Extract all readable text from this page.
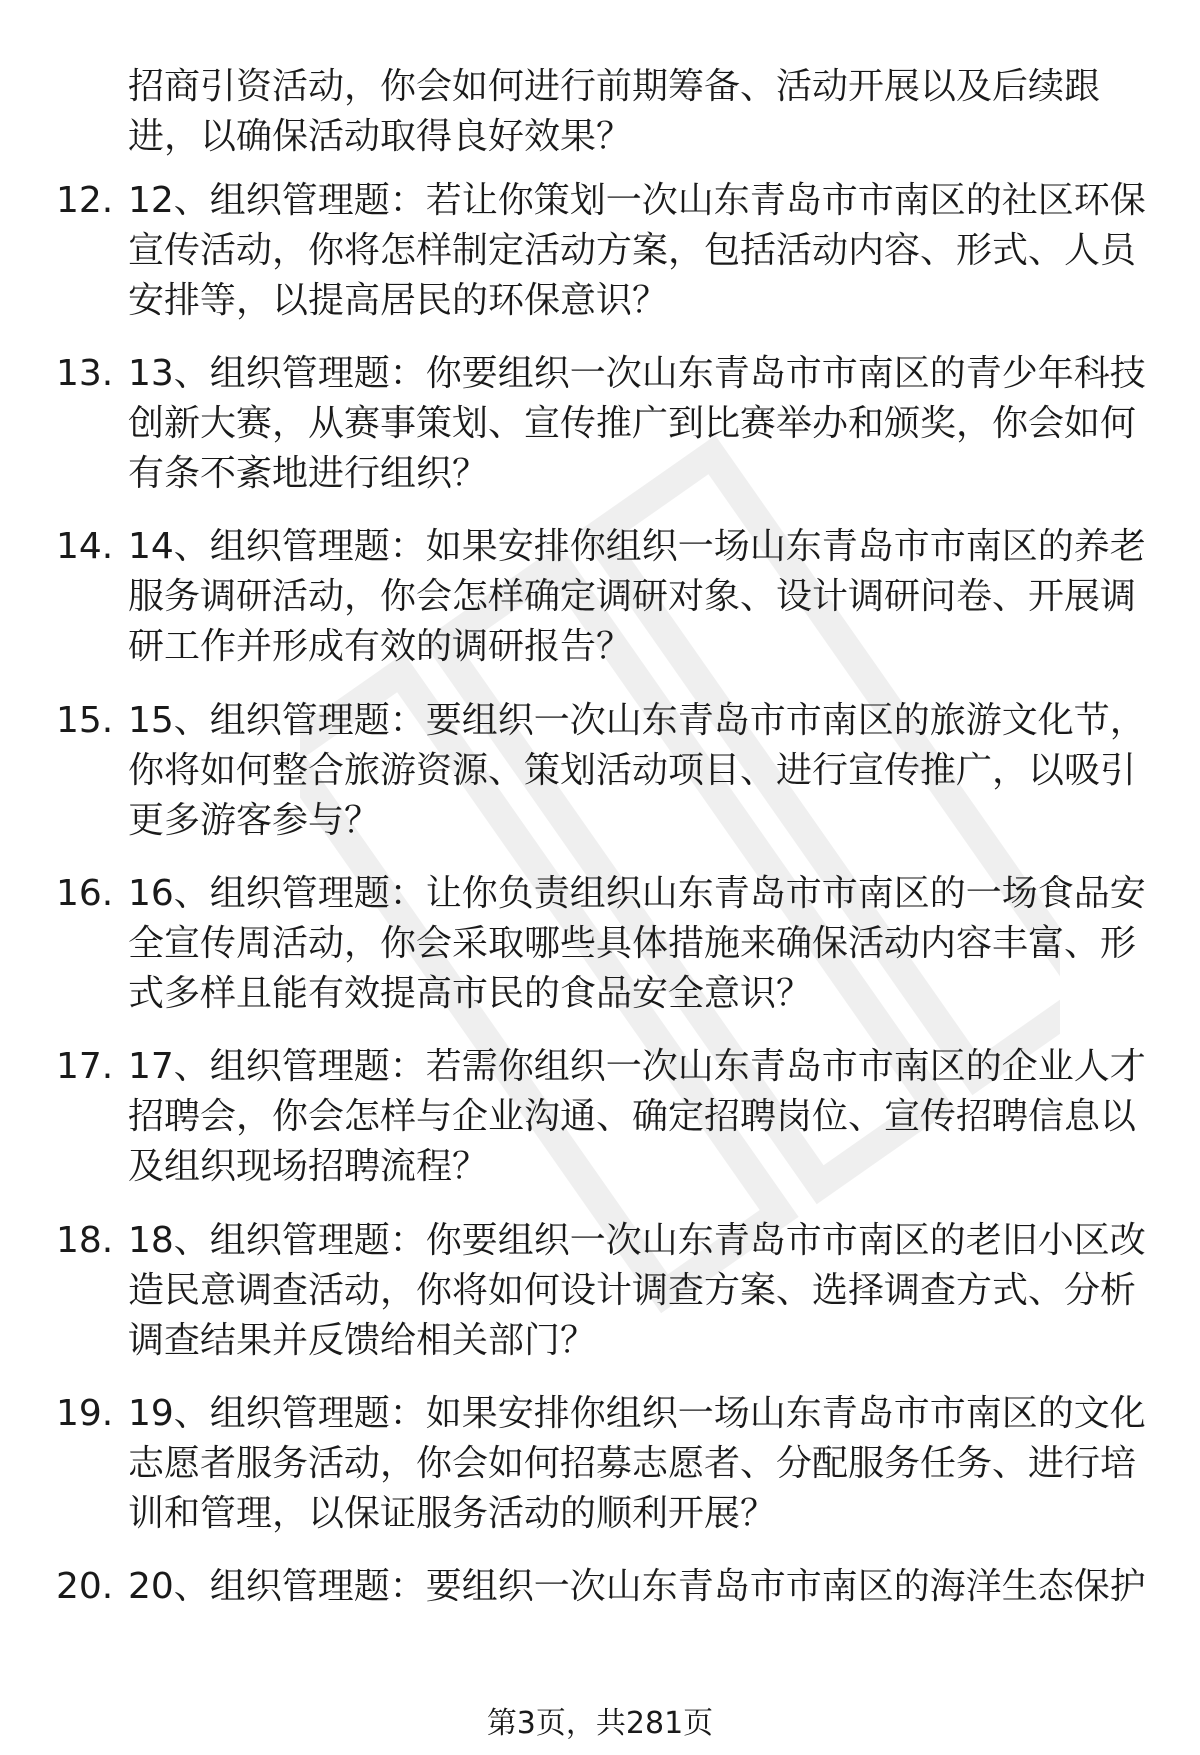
招商引资活动，你会如何进行前期筹备、活动开展以及后续跟进，以确保活动取得良好效果？
12. 12、组织管理题：若让你策划一次山东青岛市市南区的社区环保宣传活动，你将怎样制定活动方案，包括活动内容、形式、人员安排等，以提高居民的环保意识？
13. 13、组织管理题：你要组织一次山东青岛市市南区的青少年科技创新大赛，从赛事策划、宣传推广到比赛举办和颁奖，你会如何有条不紊地进行组织？
14. 14、组织管理题：如果安排你组织一场山东青岛市市南区的养老服务调研活动，你会怎样确定调研对象、设计调研问卷、开展调研工作并形成有效的调研报告？
15. 15、组织管理题：要组织一次山东青岛市市南区的旅游文化节，你将如何整合旅游资源、策划活动项目、进行宣传推广，以吸引更多游客参与？
16. 16、组织管理题：让你负责组织山东青岛市市南区的一场食品安全宣传周活动，你会采取哪些具体措施来确保活动内容丰富、形式多样且能有效提高市民的食品安全意识？
17. 17、组织管理题：若需你组织一次山东青岛市市南区的企业人才招聘会，你会怎样与企业沟通、确定招聘岗位、宣传招聘信息以及组织现场招聘流程？
18. 18、组织管理题：你要组织一次山东青岛市市南区的老旧小区改造民意调查活动，你将如何设计调查方案、选择调查方式、分析调查结果并反馈给相关部门？
19. 19、组织管理题：如果安排你组织一场山东青岛市市南区的文化志愿者服务活动，你会如何招募志愿者、分配服务任务、进行培训和管理，以保证服务活动的顺利开展？
20. 20、组织管理题：要组织一次山东青岛市市南区的海洋生态保护
第3页，共281页
